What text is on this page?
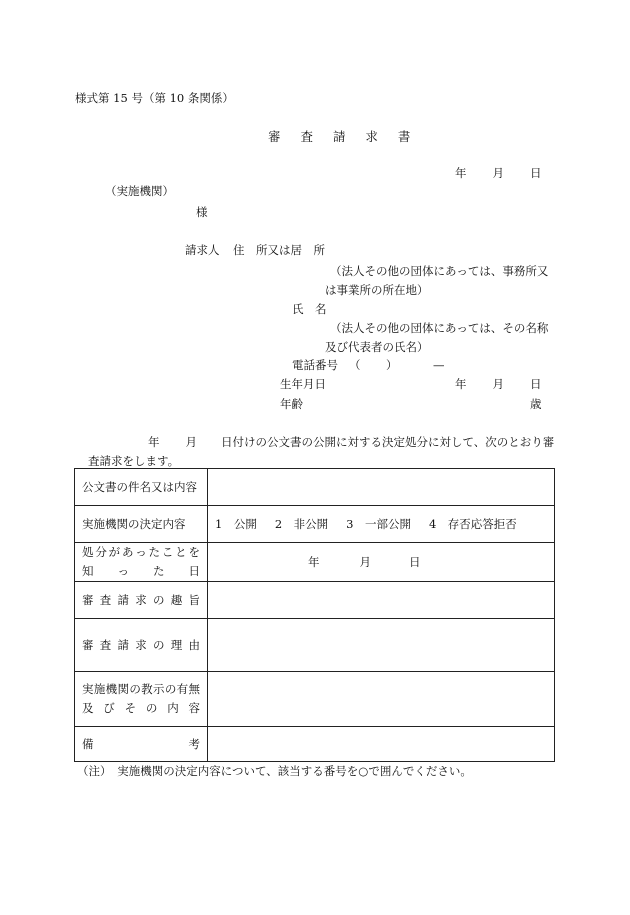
様式第 15 号（第 10 条関係）
審 査 請 求 書
年 月 日
（実施機関）
様
請求人 住　所又は居　所
（法人その他の団体にあっては、事務所又
は事業所の所在地）
氏　名
（法人その他の団体にあっては、その名称
及び代表者の氏名）
電話番号 （ ）	—
生年月日	年 月 日
年齢	歳
年 月 日付けの公文書の公開に対する決定処分に対して、次のとおり審
査請求をします。
公文書の件名又は内容	
実施機関の決定内容	1　公開 2　非公開 3　一部公開 4　存否応答拒否

処分があったことを
知った日	年 月 日
審査請求の趣旨	
審査請求の理由	

実施機関の教示の有無
及びその内容	

備考	
（注）　実施機関の決定内容について、該当する番号を○で囲んでください。
